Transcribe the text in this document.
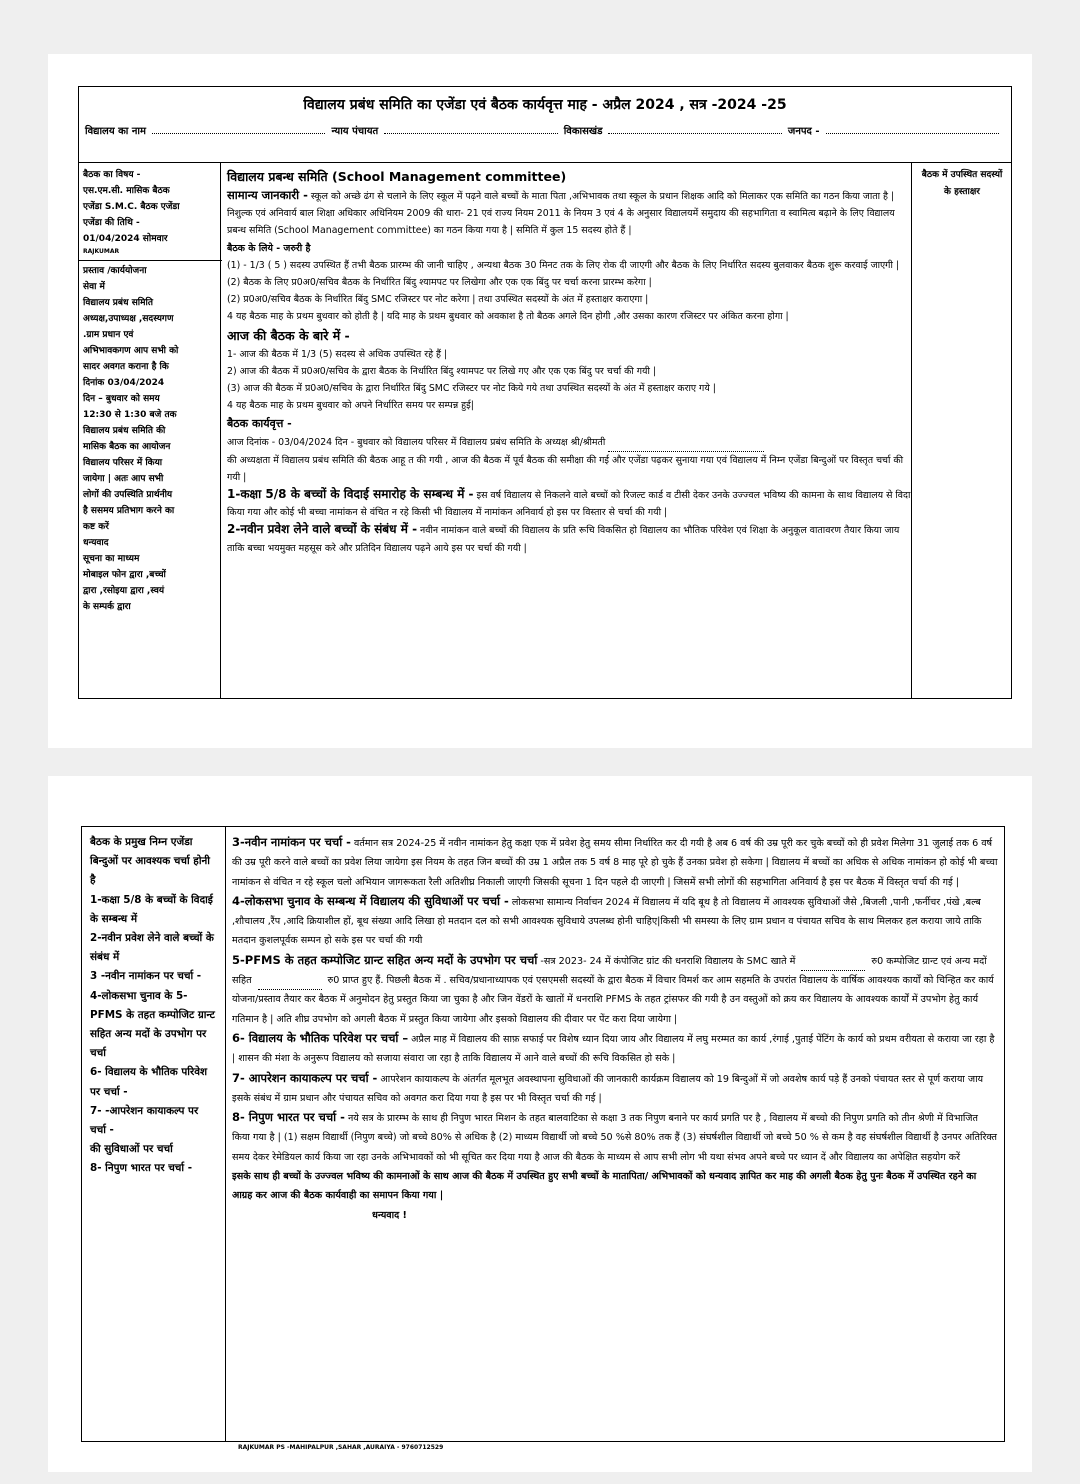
विद्यालय प्रबंध समिति का एजेंडा एवं बैठक कार्यवृत्त माह - अप्रैल 2024 , सत्र -2024 -25
विद्यालय का नाम	न्याय पंचायत	विकासखंड	जनपद -
बैठक का विषय -
एस.एम.सी. मासिक बैठक
एजेंडा S.M.C. बैठक एजेंडा
एजेंडा की तिथि -
01/04/2024 सोमवार
RAJKUMAR
प्रस्ताव /कार्ययोजना
सेवा में
विद्यालय प्रबंध समिति
अध्यक्ष,उपाध्यक्ष ,सदस्यगण
.ग्राम प्रधान एवं
अभिभावकगण आप सभी को
सादर अवगत कराना है कि
दिनांक 03/04/2024
दिन – बुधवार को समय
12:30 से 1:30 बजे तक
विद्यालय प्रबंध समिति की
मासिक बैठक का आयोजन
विद्यालय परिसर में किया
जायेगा | अतः आप सभी
लोगों की उपस्थिति प्रार्थनीय
है ससमय प्रतिभाग करने का
कष्ट करें
धन्यवाद
सूचना का माध्यम
मोबाइल फोन द्वारा ,बच्चों
द्वारा ,रसोइया द्वारा ,स्वयं
के सम्पर्क द्वारा
विद्यालय प्रबन्ध समिति (School Management committee)

सामान्य जानकारी - स्कूल को अच्छे ढंग से चलाने के लिए स्कूल में पढ़ने वाले बच्चों के माता पिता ,अभिभावक तथा स्कूल के प्रधान शिक्षक आदि को मिलाकर एक समिति का गठन किया जाता है | निशुल्क एवं अनिवार्य बाल शिक्षा अधिकार अधिनियम 2009 की धारा- 21 एवं राज्य नियम 2011 के नियम 3 एवं 4 के अनुसार विद्यालयमें समुदाय की सहभागिता व स्वामित्व बढ़ाने के लिए विद्यालय प्रबन्ध समिति (School Management committee) का गठन किया गया है | समिति में कुल 15 सदस्य होते हैं |

बैठक के लिये - जरुरी है

(1) - 1/3 ( 5 ) सदस्य उपस्थित हैं तभी बैठक प्रारम्भ की जानी चाहिए , अन्यथा बैठक 30 मिनट तक के लिए रोक दी जाएगी और बैठक के लिए निर्धारित सदस्य बुलवाकर बैठक शुरू करवाई जाएगी |

(2) बैठक के लिए प्र0अ0/सचिव बैठक के निर्धारित बिंदु श्यामपट पर लिखेगा और एक एक बिंदु पर चर्चा करना प्रारम्भ करेगा |

(2) प्र0अ0/सचिव बैठक के निर्धारित बिंदु SMC रजिस्टर पर नोट करेगा | तथा उपस्थित सदस्यों के अंत में हस्ताक्षर कराएगा |

4 यह बैठक माह के प्रथम बुधवार को होती है | यदि माह के प्रथम बुधवार को अवकाश है तो बैठक अगले दिन होगी ,और उसका कारण रजिस्टर पर अंकित करना होगा |

आज की बैठक के बारे में -

1- आज की बैठक में 1/3 (5) सदस्य से अधिक उपस्थित रहे हैं |

2) आज की बैठक में प्र0अ0/सचिव के द्वारा बैठक के निर्धारित बिंदु श्यामपट पर लिखे गए और एक एक बिंदु पर चर्चा की गयी |

(3) आज की बैठक में प्र0अ0/सचिव के द्वारा निर्धारित बिंदु SMC रजिस्टर पर नोट किये गये तथा उपस्थित सदस्यों के अंत में हस्ताक्षर कराए गये |

4 यह बैठक माह के प्रथम बुधवार को अपने निर्धारित समय पर सम्पन्न हुई|

बैठक कार्यवृत्त -

आज दिनांक - 03/04/2024 दिन - बुधवार को विद्यालय परिसर में विद्यालय प्रबंध समिति के अध्यक्ष श्री/श्रीमती

की अध्यक्षता में विद्यालय प्रबंध समिति की बैठक आहू त की गयी , आज की बैठक में पूर्व बैठक की समीक्षा की गई और एजेंडा पढ़कर सुनाया गया एवं विद्यालय में निम्न एजेंडा बिन्दुओं पर विस्तृत चर्चा की गयी |

1-कक्षा 5/8 के बच्चों के विदाई समारोह के सम्बन्ध में - इस वर्ष विद्यालय से निकलने वाले बच्चों को रिजल्ट कार्ड व टीसी देकर उनके उज्ज्वल भविष्य की कामना के साथ विद्यालय से विदा किया गया और कोई भी बच्चा नामांकन से वंचित न रहे किसी भी विद्यालय में नामांकन अनिवार्य हो इस पर विस्तार से चर्चा की गयी |

2-नवीन प्रवेश लेने वाले बच्चों के संबंध में - नवीन नामांकन वाले बच्चों की विद्यालय के प्रति रूचि विकसित हो विद्यालय का भौतिक परिवेश एवं शिक्षा के अनुकूल वातावरण तैयार किया जाय ताकि बच्चा भयमुक्त महसूस करे और प्रतिदिन विद्यालय पढ़ने आये इस पर चर्चा की गयी |

बैठक में उपस्थित सदस्यों के हस्ताक्षर
बैठक के प्रमुख निम्न एजेंडा बिन्दुओं पर आवश्यक चर्चा होनी है
1-कक्षा 5/8 के बच्चों के विदाई के सम्बन्ध में
2-नवीन प्रवेश लेने वाले बच्चों के संबंध में
3 -नवीन नामांकन पर चर्चा -
4-लोकसभा चुनाव के 5-PFMS के तहत कम्पोजिट ग्रान्ट सहित अन्य मदों के उपभोग पर चर्चा
6- विद्यालय के भौतिक परिवेश पर चर्चा -
7- -आपरेशन कायाकल्प पर चर्चा -
की सुविधाओं पर चर्चा
8- निपुण भारत पर चर्चा -

3-नवीन नामांकन पर चर्चा - वर्तमान सत्र 2024-25 में नवीन नामांकन हेतु कक्षा एक में प्रवेश हेतु समय सीमा निर्धारित कर दी गयी है अब 6 वर्ष की उम्र पूरी कर चुके बच्चों को ही प्रवेश मिलेगा 31 जुलाई तक 6 वर्ष की उम्र पूरी करने वाले बच्चों का प्रवेश लिया जायेगा इस नियम के तहत जिन बच्चों की उम्र 1 अप्रैल तक 5 वर्ष 8 माह पूरे हो चुके हैं उनका प्रवेश हो सकेगा | विद्यालय में बच्चों का अधिक से अधिक नामांकन हो कोई भी बच्चा नामांकन से वंचित न रहे स्कूल चलो अभियान जागरूकता रैली अतिशीघ्र निकाली जाएगी जिसकी सूचना 1 दिन पहले दी जाएगी | जिसमें सभी लोगों की सहभागिता अनिवार्य है इस पर बैठक में विस्तृत चर्चा की गई |

4-लोकसभा चुनाव के सम्बन्ध में विद्यालय की सुविधाओं पर चर्चा - लोकसभा सामान्य निर्वाचन 2024 में विद्यालय में यदि बूथ है तो विद्यालय में आवश्यक सुविधाओं जैसे ,बिजली ,पानी ,फर्नीचर ,पंखे ,बल्ब ,शौचालय ,रैंप ,आदि क्रियाशील हों, बूथ संख्या आदि लिखा हो मतदान दल को सभी आवश्यक सुविधाये उपलब्ध होनी चाहिए|किसी भी समस्या के लिए ग्राम प्रधान व पंचायत सचिव के साथ मिलकर हल कराया जाये ताकि मतदान कुशलपूर्वक सम्पन हो सके इस पर चर्चा की गयी

5-PFMS के तहत कम्पोजिट ग्रान्ट सहित अन्य मदों के उपभोग पर चर्चा -सत्र 2023- 24 में कंपोजिट ग्रांट की धनराशि विद्यालय के SMC खाते में	रु0 कम्पोजिट ग्रान्ट एवं अन्य मदों सहित	रु0 प्राप्त हुए हैं. पिछली बैठक में . सचिव/प्रधानाध्यापक एवं एसएमसी सदस्यों के द्वारा बैठक में विचार विमर्श कर आम सहमति के उपरांत विद्यालय के वार्षिक आवश्यक कार्यों को चिन्हित कर कार्य योजना/प्रस्ताव तैयार कर बैठक में अनुमोदन हेतु प्रस्तुत किया जा चुका है और जिन वेंडरों के खातों में धनराशि PFMS के तहत ट्रांसफर की गयी है उन वस्तुओं को क्रय कर विद्यालय के आवश्यक कार्यों में उपभोग हेतु कार्य गतिमान है | अति शीघ्र उपभोग को अगली बैठक में प्रस्तुत किया जायेगा और इसको विद्यालय की दीवार पर पेंट करा दिया जायेगा |

6- विद्यालय के भौतिक परिवेश पर चर्चा – अप्रैल माह में विद्यालय की साफ़ सफाई पर विशेष ध्यान दिया जाय और विद्यालय में लघु मरम्मत का कार्य ,रंगाई ,पुताई पेंटिंग के कार्य को प्रथम वरीयता से कराया जा रहा है | शासन की मंशा के अनुरूप विद्यालय को सजाया संवारा जा रहा है ताकि विद्यालय में आने वाले बच्चों की रूचि विकसित हो सके |

7- आपरेशन कायाकल्प पर चर्चा - आपरेशन कायाकल्प के अंतर्गत मूलभूत अवस्थापना सुविधाओं की जानकारी कार्यक्रम विद्यालय को 19 बिन्दुओं में जो अवशेष कार्य पड़े हैं उनको पंचायत स्तर से पूर्ण कराया जाय इसके संबंध में ग्राम प्रधान और पंचायत सचिव को अवगत करा दिया गया है इस पर भी विस्तृत चर्चा की गई |

8- निपुण भारत पर चर्चा - नये सत्र के प्रारम्भ के साथ ही निपुण भारत मिशन के तहत बालवाटिका से कक्षा 3 तक निपुण बनाने पर कार्य प्रगति पर है , विद्यालय में बच्चो की निपुण प्रगति को तीन श्रेणी में विभाजित किया गया है | (1) सक्षम विद्यार्थी (निपुण बच्चे) जो बच्चे 80% से अधिक है (2) माध्यम विद्यार्थी जो बच्चे 50 %से 80% तक हैं (3) संघर्षशील विद्यार्थी जो बच्चे 50 % से कम है वह संघर्षशील विद्यार्थी है उनपर अतिरिक्त समय देकर रेमेडियल कार्य किया जा रहा उनके अभिभावकों को भी सूचित कर दिया गया है आज की बैठक के माध्यम से आप सभी लोग भी यथा संभव अपने बच्चे पर ध्यान दें और विद्यालय का अपेक्षित सहयोग करें

इसके साथ ही बच्चों के उज्ज्वल भविष्य की कामनाओं के साथ आज की बैठक में उपस्थित हुए सभी बच्चों के मातापिता/ अभिभावकों को धन्यवाद ज्ञापित कर माह की अगली बैठक हेतु पुनः बैठक में उपस्थित रहने का आग्रह कर आज की बैठक कार्यवाही का समापन किया गया |

धन्यवाद !

RAJKUMAR PS -MAHIPALPUR ,SAHAR ,AURAIYA - 9760712529
